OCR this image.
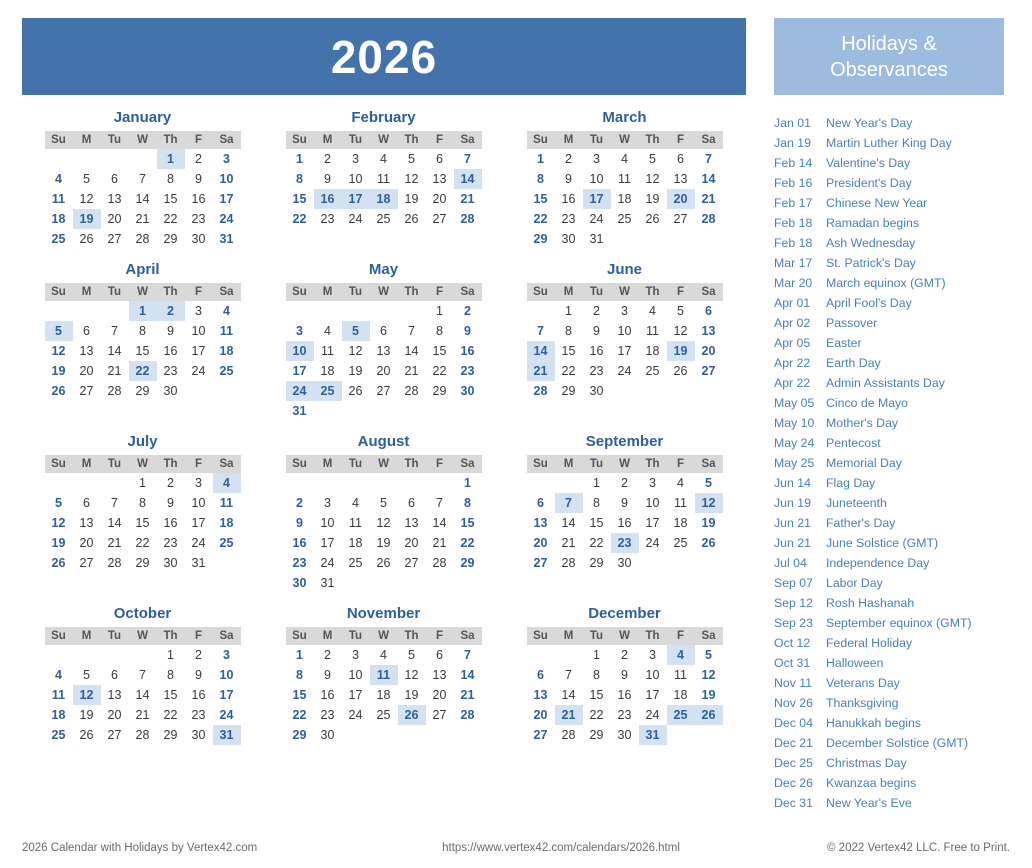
2026	Holidays &
Observances
January
Su	M	Tu	W	Th	F	Sa
				1	2	3
4	5	6	7	8	9	10
11	12	13	14	15	16	17
18	19	20	21	22	23	24
25	26	27	28	29	30	31
February
Su	M	Tu	W	Th	F	Sa
1	2	3	4	5	6	7
8	9	10	11	12	13	14
15	16	17	18	19	20	21
22	23	24	25	26	27	28
March
Su	M	Tu	W	Th	F	Sa
1	2	3	4	5	6	7
8	9	10	11	12	13	14
15	16	17	18	19	20	21
22	23	24	25	26	27	28
29	30	31				
April
Su	M	Tu	W	Th	F	Sa
			1	2	3	4
5	6	7	8	9	10	11
12	13	14	15	16	17	18
19	20	21	22	23	24	25
26	27	28	29	30		
May
Su	M	Tu	W	Th	F	Sa
					1	2
3	4	5	6	7	8	9
10	11	12	13	14	15	16
17	18	19	20	21	22	23
24	25	26	27	28	29	30
31						
June
Su	M	Tu	W	Th	F	Sa
	1	2	3	4	5	6
7	8	9	10	11	12	13
14	15	16	17	18	19	20
21	22	23	24	25	26	27
28	29	30				
July
Su	M	Tu	W	Th	F	Sa
			1	2	3	4
5	6	7	8	9	10	11
12	13	14	15	16	17	18
19	20	21	22	23	24	25
26	27	28	29	30	31	
August
Su	M	Tu	W	Th	F	Sa
						1
2	3	4	5	6	7	8
9	10	11	12	13	14	15
16	17	18	19	20	21	22
23	24	25	26	27	28	29
30	31					
September
Su	M	Tu	W	Th	F	Sa
		1	2	3	4	5
6	7	8	9	10	11	12
13	14	15	16	17	18	19
20	21	22	23	24	25	26
27	28	29	30			
October
Su	M	Tu	W	Th	F	Sa
				1	2	3
4	5	6	7	8	9	10
11	12	13	14	15	16	17
18	19	20	21	22	23	24
25	26	27	28	29	30	31
November
Su	M	Tu	W	Th	F	Sa
1	2	3	4	5	6	7
8	9	10	11	12	13	14
15	16	17	18	19	20	21
22	23	24	25	26	27	28
29	30					
December
Su	M	Tu	W	Th	F	Sa
		1	2	3	4	5
6	7	8	9	10	11	12
13	14	15	16	17	18	19
20	21	22	23	24	25	26
27	28	29	30	31		
Jan 01	New Year's Day
Jan 19	Martin Luther King Day
Feb 14	Valentine's Day
Feb 16	President's Day
Feb 17	Chinese New Year
Feb 18	Ramadan begins
Feb 18	Ash Wednesday
Mar 17	St. Patrick's Day
Mar 20	March equinox (GMT)
Apr 01	April Fool's Day
Apr 02	Passover
Apr 05	Easter
Apr 22	Earth Day
Apr 22	Admin Assistants Day
May 05 Cinco de Mayo
May 10 Mother's Day
May 24 Pentecost
May 25 Memorial Day
Jun 14	Flag Day
Jun 19	Juneteenth
Jun 21	Father's Day
Jun 21	June Solstice (GMT)
Jul 04	Independence Day
Sep 07	Labor Day
Sep 12	Rosh Hashanah
Sep 23	September equinox (GMT)
Oct 12	Federal Holiday
Oct 31	Halloween
Nov 11	Veterans Day
Nov 26	Thanksgiving
Dec 04	Hanukkah begins
Dec 21	December Solstice (GMT)
Dec 25	Christmas Day
Dec 26	Kwanzaa begins
Dec 31	New Year's Eve
2026 Calendar with Holidays by Vertex42.com	https://www.vertex42.com/calendars/2026.html	© 2022 Vertex42 LLC. Free to Print.
